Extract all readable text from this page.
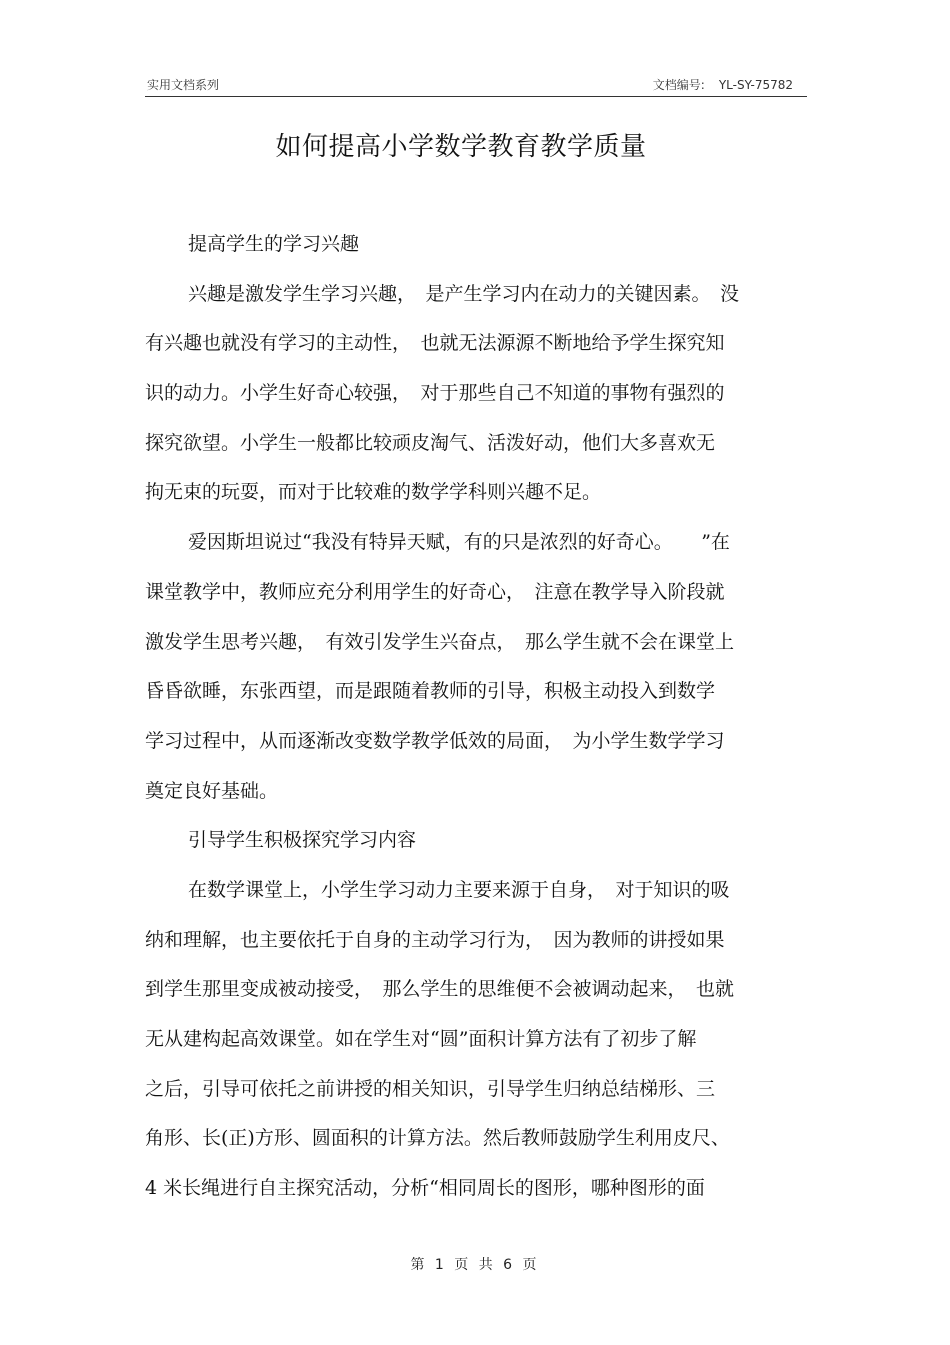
实用文档系列	文档编号: YL-SY-75782
如何提高小学数学教育教学质量
提高学生的学习兴趣
兴趣是激发学生学习兴趣，　是产生学习内在动力的关键因素。　没
有兴趣也就没有学习的主动性，　也就无法源源不断地给予学生探究知
识的动力。小学生好奇心较强，　对于那些自己不知道的事物有强烈的
探究欲望。小学生一般都比较顽皮淘气、活泼好动，他们大多喜欢无
拘无束的玩耍，而对于比较难的数学学科则兴趣不足。
爱因斯坦说过“我没有特异天赋，有的只是浓烈的好奇心。　　”在
课堂教学中，教师应充分利用学生的好奇心，　注意在教学导入阶段就
激发学生思考兴趣，　有效引发学生兴奋点，　那么学生就不会在课堂上
昏昏欲睡，东张西望，而是跟随着教师的引导，积极主动投入到数学
学习过程中，从而逐渐改变数学教学低效的局面，　为小学生数学学习
奠定良好基础。
引导学生积极探究学习内容
在数学课堂上，小学生学习动力主要来源于自身，　对于知识的吸
纳和理解，也主要依托于自身的主动学习行为，　因为教师的讲授如果
到学生那里变成被动接受，　那么学生的思维便不会被调动起来，　也就
无从建构起高效课堂。如在学生对“圆”面积计算方法有了初步了解
之后，引导可依托之前讲授的相关知识，引导学生归纳总结梯形、三
角形、长(正)方形、圆面积的计算方法。然后教师鼓励学生利用皮尺、
4 米长绳进行自主探究活动，分析“相同周长的图形，哪种图形的面
第 1 页 共 6 页
